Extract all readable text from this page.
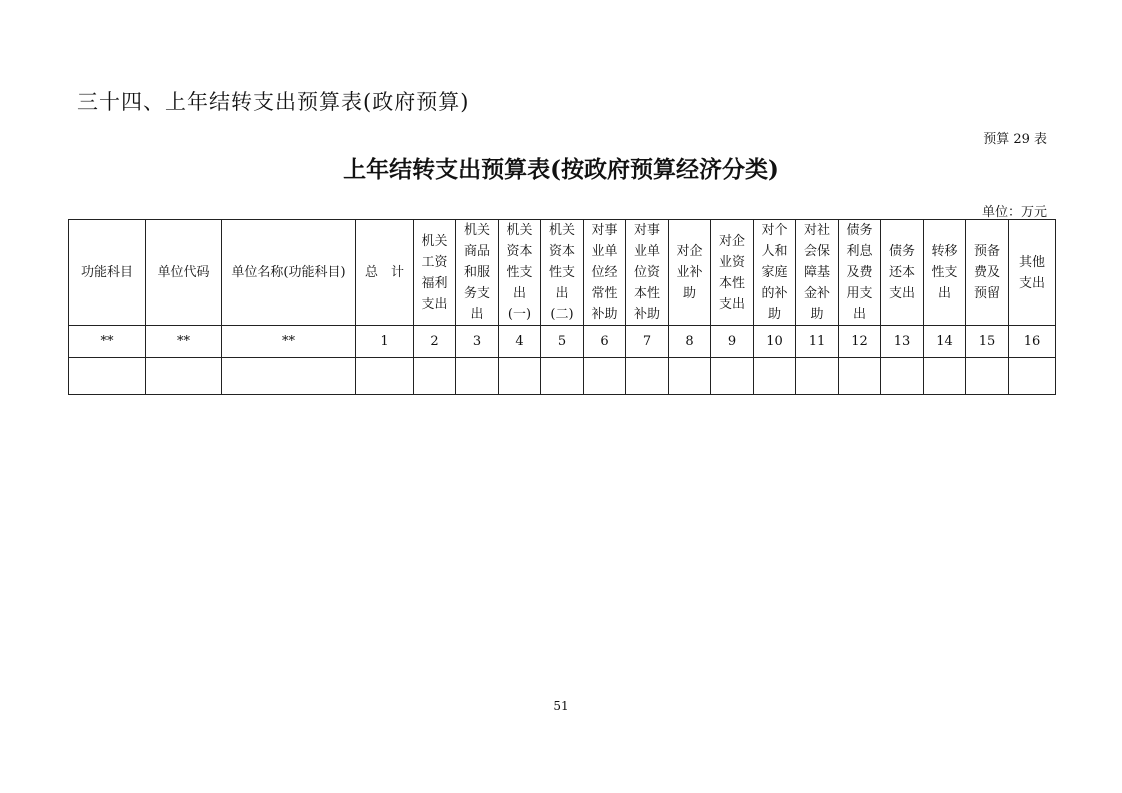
三十四、上年结转支出预算表(政府预算)
预算 29 表
上年结转支出预算表(按政府预算经济分类)
单位：万元
功能科目	单位代码	单位名称(功能科目)	总　计	机关工资福利支出	机关商品和服务支出	机关资本性支出(一)	机关资本性支出(二)	对事业单位经常性补助	对事业单位资本性补助	对企业补助	对企业资本性支出	对个人和家庭的补助	对社会保障基金补助	债务利息及费用支出	债务还本支出	转移性支出	预备费及预留	其他支出
**	**	**	1	2	3	4	5	6	7	8	9	10	11	12	13	14	15	16

51
